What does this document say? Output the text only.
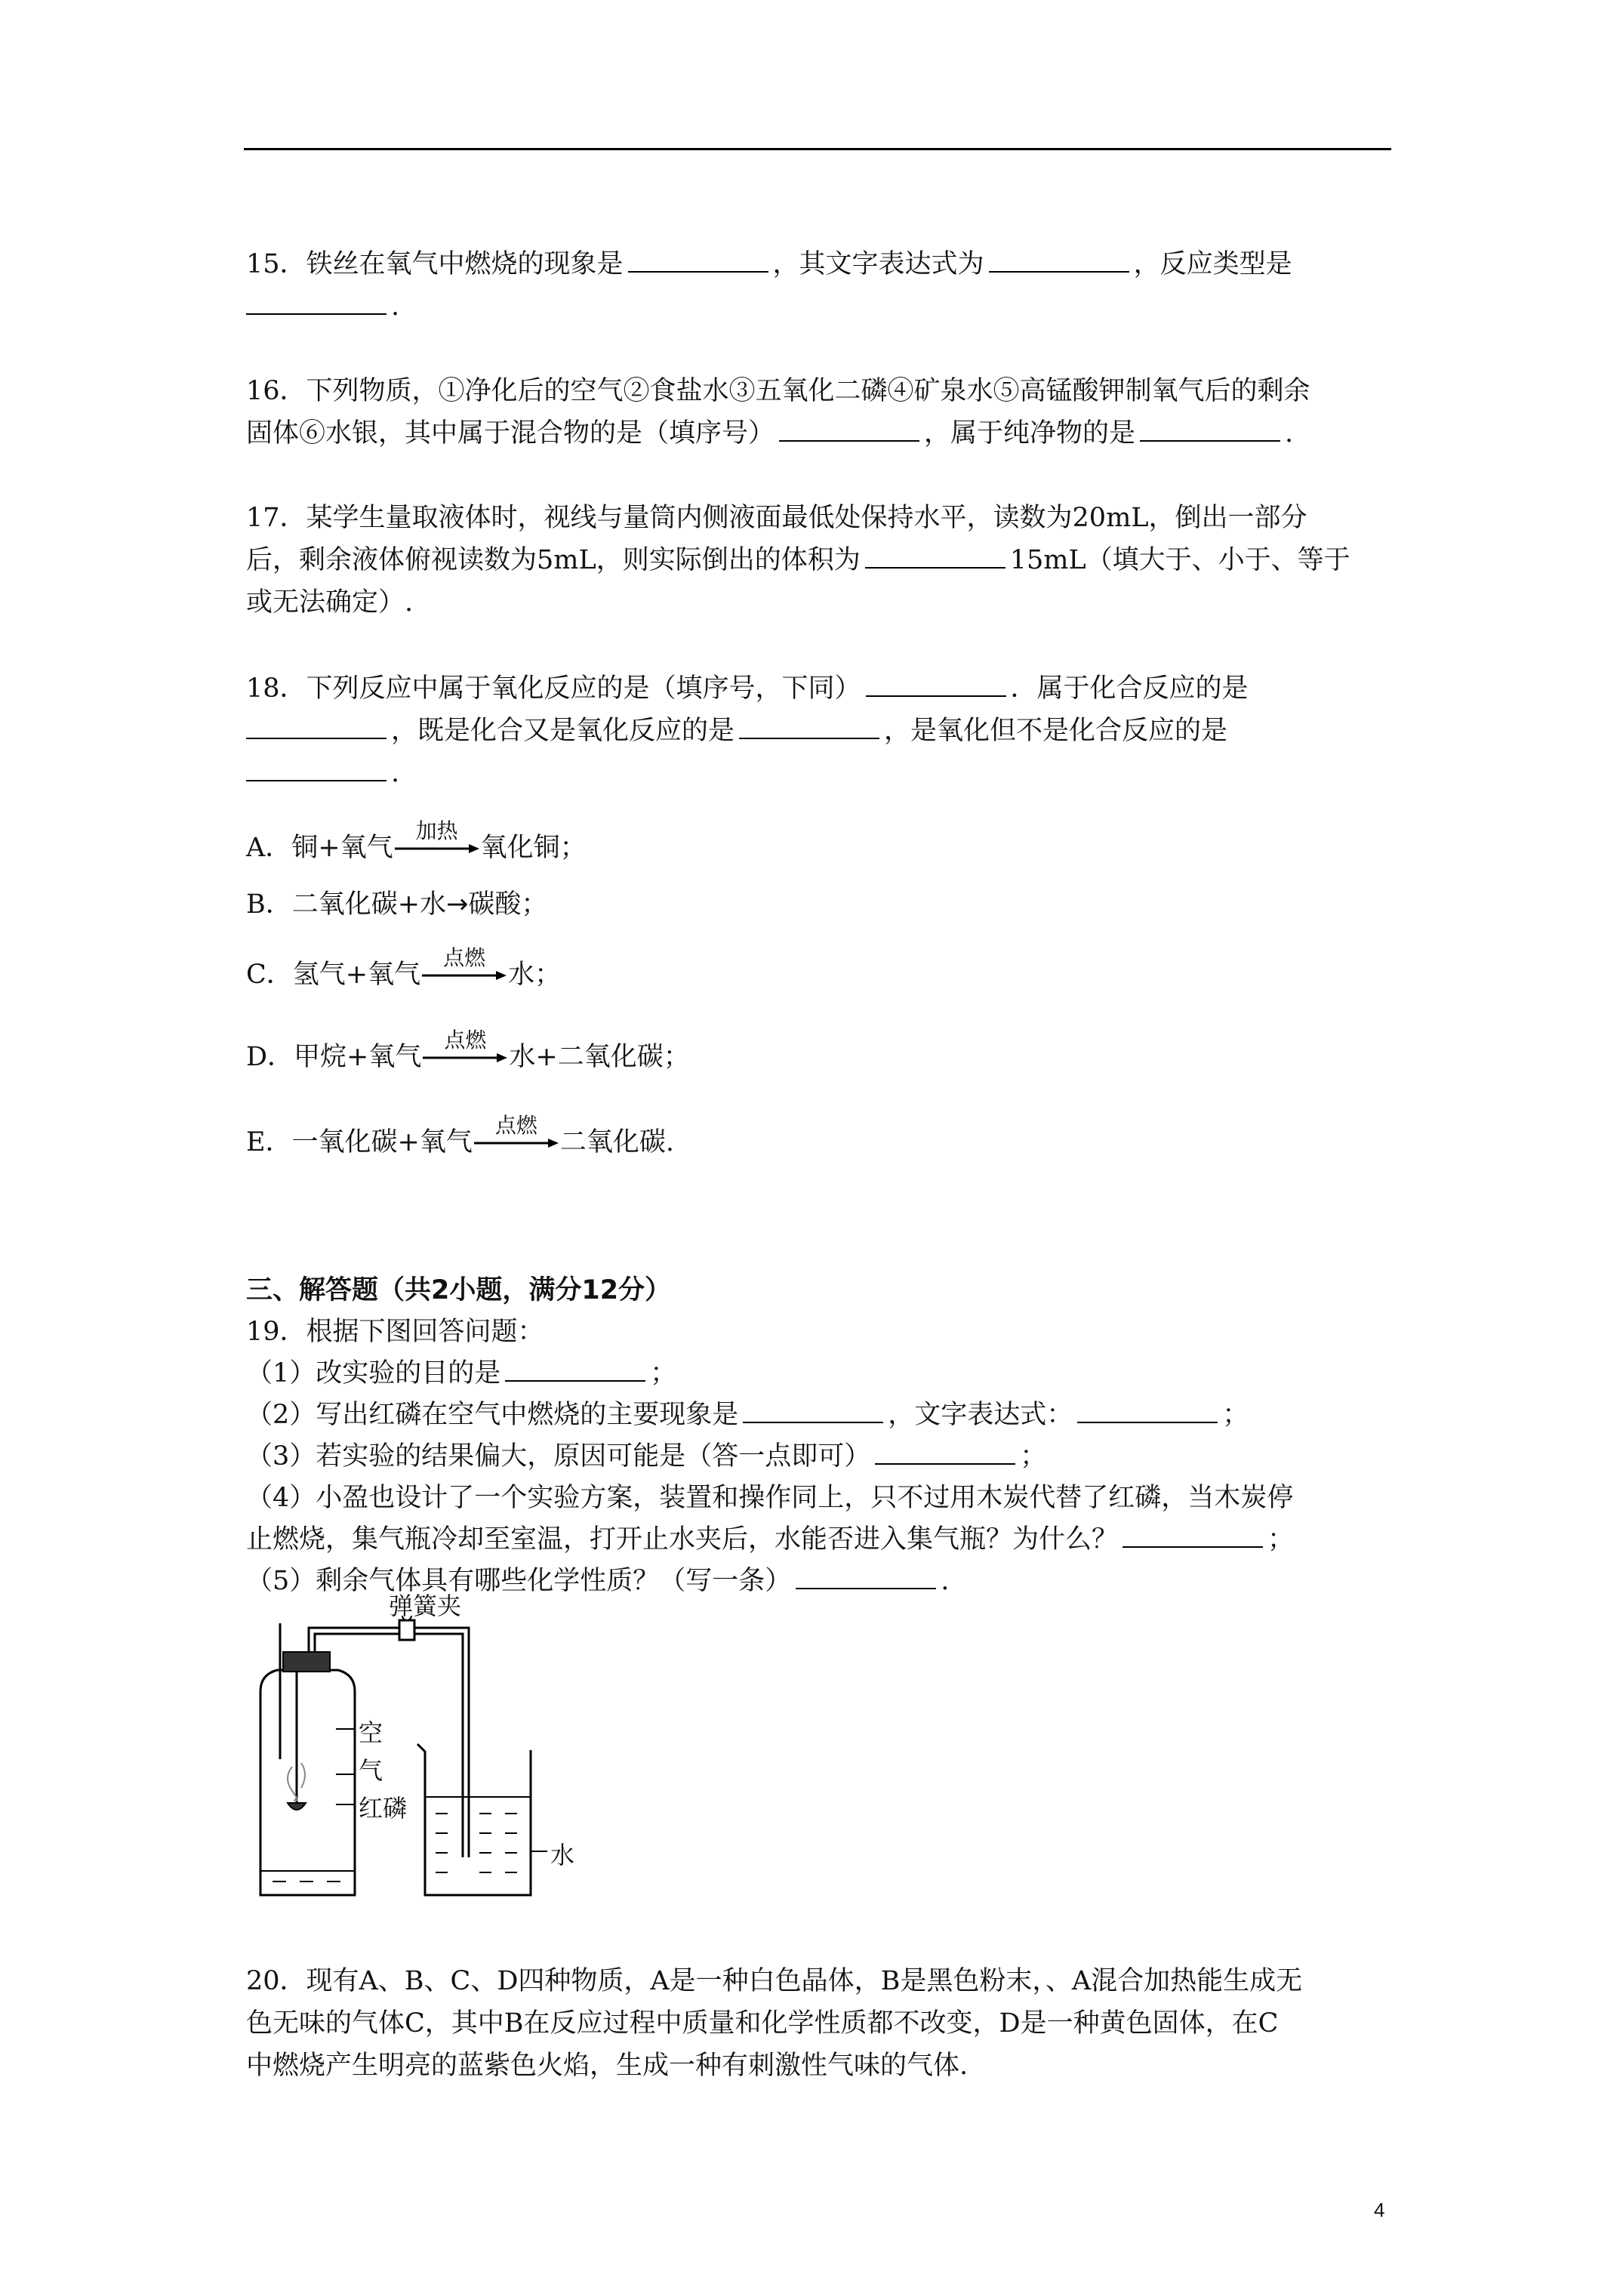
15．铁丝在氧气中燃烧的现象是	，其文字表达式为	，反应类型是
.
16．下列物质，①净化后的空气②食盐水③五氧化二磷④矿泉水⑤高锰酸钾制氧气后的剩余
固体⑥水银，其中属于混合物的是（填序号）	，属于纯净物的是	.
17．某学生量取液体时，视线与量筒内侧液面最低处保持水平，读数为20mL，倒出一部分
后，剩余液体俯视读数为5mL，则实际倒出的体积为	15mL（填大于、小于、等于
或无法确定）.
18．下列反应中属于氧化反应的是（填序号，下同）	．属于化合反应的是
，既是化合又是氧化反应的是	，是氧化但不是化合反应的是
.
A．铜+氧气
加热
氧化铜；
B．二氧化碳+水→碳酸；
C．氢气+氧气
点燃
水；
D．甲烷+氧气
点燃
水+二氧化碳；
E．一氧化碳+氧气
点燃
二氧化碳.
三、解答题（共2小题，满分12分）
19．根据下图回答问题：
（1）改实验的目的是	；
（2）写出红磷在空气中燃烧的主要现象是	，文字表达式：	；
（3）若实验的结果偏大，原因可能是（答一点即可）	；
（4）小盈也设计了一个实验方案，装置和操作同上，只不过用木炭代替了红磷，当木炭停
止燃烧，集气瓶冷却至室温，打开止水夹后，水能否进入集气瓶？为什么？	；
（5）剩余气体具有哪些化学性质？（写一条）	.
弹簧夹
空
气
红磷
水
20．现有A、B、C、D四种物质，A是一种白色晶体，B是黑色粉末，、A混合加热能生成无
色无味的气体C，其中B在反应过程中质量和化学性质都不改变，D是一种黄色固体，在C
中燃烧产生明亮的蓝紫色火焰，生成一种有刺激性气味的气体.
4
